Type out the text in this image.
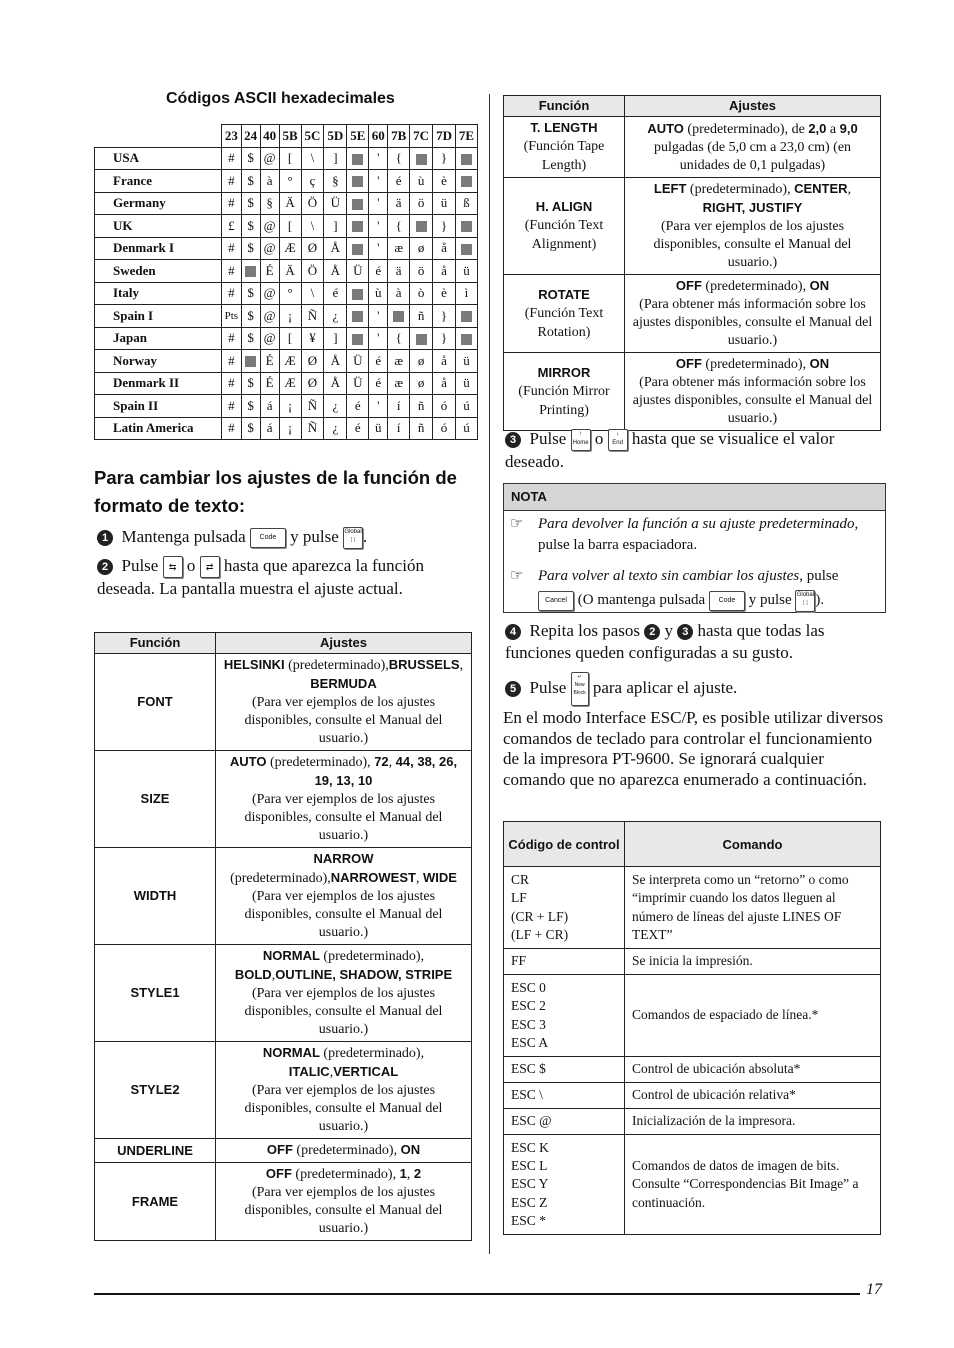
Códigos ASCII hexadecimales
	23	24	40	5B	5C	5D	5E	60	7B	7C	7D	7E
USA	#	$	@	[	\	]		'	{		}	
France	#	$	à	°	ç	§		'	é	ù	è	
Germany	#	$	§	Ä	Ö	Ü		'	ä	ö	ü	ß
UK	£	$	@	[	\	]		'	{		}	
Denmark I	#	$	@	Æ	Ø	Å		'	æ	ø	å	
Sweden	#		É	Ä	Ö	Å	Ü	é	ä	ö	å	ü
Italy	#	$	@	°	\	é		ù	à	ò	è	ì
Spain I	Pts	$	@	¡	Ñ	¿		'		ñ	}	
Japan	#	$	@	[	¥	]		'	{		}	
Norway	#		É	Æ	Ø	Å	Ü	é	æ	ø	å	ü
Denmark II	#	$	É	Æ	Ø	Å	Ü	é	æ	ø	å	ü
Spain II	#	$	á	¡	Ñ	¿	é	'	í	ñ	ó	ú
Latin America	#	$	á	¡	Ñ	¿	é	ü	í	ñ	ó	ú
Para cambiar los ajustes de la función de formato de texto:
1 Mantenga pulsada Code y pulse Global
⁞ ⁞ .
2 Pulse ⇆ o ⇄ hasta que aparezca la función deseada. La pantalla muestra el ajuste actual.
Función	Ajustes
FONT	HELSINKI (predeterminado),BRUSSELS, BERMUDA
(Para ver ejemplos de los ajustes disponibles, consulte el Manual del usuario.)
SIZE	AUTO (predeterminado), 72, 44, 38, 26, 19, 13, 10
(Para ver ejemplos de los ajustes disponibles, consulte el Manual del usuario.)
WIDTH	NARROW (predeterminado),NARROWEST, WIDE
(Para ver ejemplos de los ajustes disponibles, consulte el Manual del usuario.)
STYLE1	NORMAL (predeterminado), BOLD,OUTLINE, SHADOW, STRIPE
(Para ver ejemplos de los ajustes disponibles, consulte el Manual del usuario.)
STYLE2	NORMAL (predeterminado), ITALIC,VERTICAL
(Para ver ejemplos de los ajustes disponibles, consulte el Manual del usuario.)
UNDERLINE	OFF (predeterminado), ON
FRAME	OFF (predeterminado), 1, 2
(Para ver ejemplos de los ajustes disponibles, consulte el Manual del usuario.)
Función	Ajustes
T. LENGTH
(Función Tape Length)	AUTO (predeterminado), de 2,0 a 9,0 pulgadas (de 5,0 cm a 23,0 cm) (en unidades de 0,1 pulgadas)
H. ALIGN
(Función Text Alignment)	LEFT (predeterminado), CENTER, RIGHT, JUSTIFY
(Para ver ejemplos de los ajustes disponibles, consulte el Manual del usuario.)
ROTATE
(Función Text Rotation)	OFF (predeterminado), ON
(Para obtener más información sobre los ajustes disponibles, consulte el Manual del usuario.)
MIRROR
(Función Mirror Printing)	OFF (predeterminado), ON
(Para obtener más información sobre los ajustes disponibles, consulte el Manual del usuario.)
3 Pulse ↑
Home o ↓
End hasta que se visualice el valor deseado.
NOTA
☞ Para devolver la función a su ajuste predeterminado, pulse la barra espaciadora.
☞ Para volver al texto sin cambiar los ajustes, pulse
Cancel (O mantenga pulsada Code y pulse Global
⁞ ⁞ ).
4 Repita los pasos 2 y 3 hasta que todas las funciones queden configuradas a su gusto.
5 Pulse ↵
New Block para aplicar el ajuste.
En el modo Interface ESC/P, es posible utilizar diversos comandos de teclado para controlar el funcionamiento de la impresora PT-9600. Se ignorará cualquier comando que no aparezca enumerado a continuación.
Código de control	Comando
CR
LF
(CR + LF)
(LF + CR)	Se interpreta como un “retorno” o como “imprimir cuando los datos lleguen al número de líneas del ajuste LINES OF TEXT”
FF	Se inicia la impresión.
ESC 0
ESC 2
ESC 3
ESC A	Comandos de espaciado de línea.*
ESC $	Control de ubicación absoluta*
ESC \	Control de ubicación relativa*
ESC @	Inicialización de la impresora.
ESC K
ESC L
ESC Y
ESC Z
ESC *	Comandos de datos de imagen de bits. Consulte “Correspondencias Bit Image” a continuación.
17
